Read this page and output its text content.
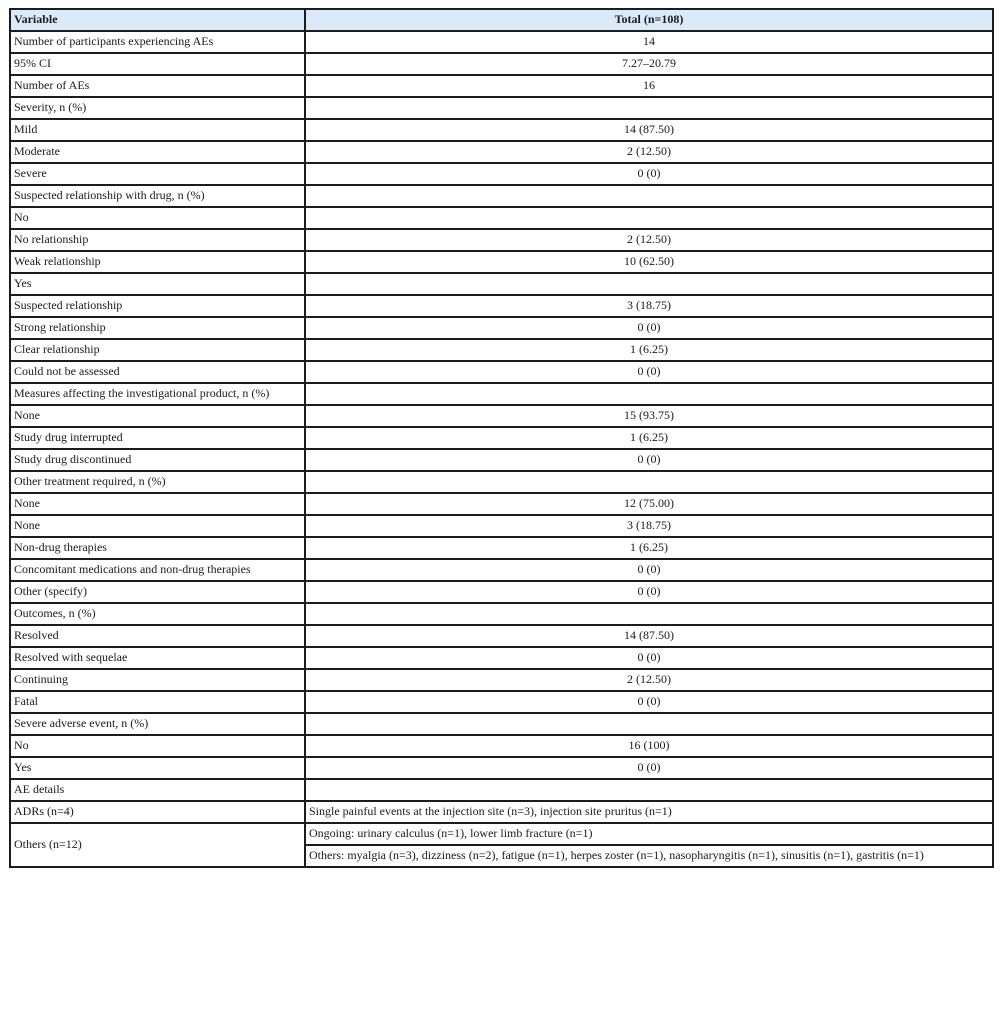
Variable	Total (n=108)
Number of participants experiencing AEs	14
95% CI	7.27–20.79
Number of AEs	16
Severity, n (%)	
Mild	14 (87.50)
Moderate	2 (12.50)
Severe	0 (0)
Suspected relationship with drug, n (%)	
No	
No relationship	2 (12.50)
Weak relationship	10 (62.50)
Yes	
Suspected relationship	3 (18.75)
Strong relationship	0 (0)
Clear relationship	1 (6.25)
Could not be assessed	0 (0)
Measures affecting the investigational product, n (%)	
None	15 (93.75)
Study drug interrupted	1 (6.25)
Study drug discontinued	0 (0)
Other treatment required, n (%)	
None	12 (75.00)
None	3 (18.75)
Non-drug therapies	1 (6.25)
Concomitant medications and non-drug therapies	0 (0)
Other (specify)	0 (0)
Outcomes, n (%)	
Resolved	14 (87.50)
Resolved with sequelae	0 (0)
Continuing	2 (12.50)
Fatal	0 (0)
Severe adverse event, n (%)	
No	16 (100)
Yes	0 (0)
AE details	
ADRs (n=4)	Single painful events at the injection site (n=3), injection site pruritus (n=1)
Others (n=12)	Ongoing: urinary calculus (n=1), lower limb fracture (n=1)
	Others: myalgia (n=3), dizziness (n=2), fatigue (n=1), herpes zoster (n=1), nasopharyngitis (n=1), sinusitis (n=1), gastritis (n=1)
